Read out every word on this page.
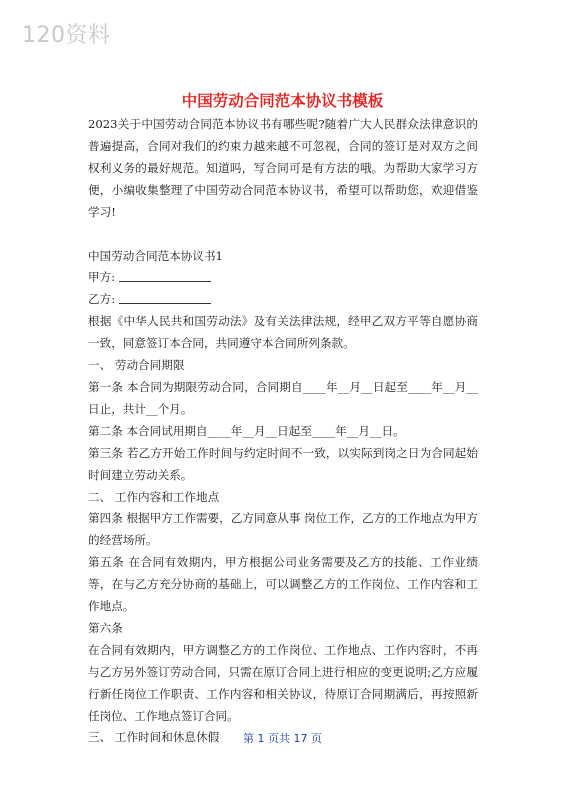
120资料
中国劳动合同范本协议书模板

2023关于中国劳动合同范本协议书有哪些呢?随着广大人民群众法律意识的普遍提高，合同对我们的约束力越来越不可忽视，合同的签订是对双方之间权利义务的最好规范。知道吗，写合同可是有方法的哦。为帮助大家学习方便，小编收集整理了中国劳动合同范本协议书，希望可以帮助您，欢迎借鉴学习!

中国劳动合同范本协议书1

甲方:

乙方:

根据《中华人民共和国劳动法》及有关法律法规，经甲乙双方平等自愿协商一致，同意签订本合同，共同遵守本合同所列条款。

一、 劳动合同期限

第一条 本合同为期限劳动合同，合同期自____年__月__日起至____年__月__日止，共计__个月。

第二条 本合同试用期自____年__月__日起至____年__月__日。

第三条 若乙方开始工作时间与约定时间不一致，以实际到岗之日为合同起始时间建立劳动关系。

二、 工作内容和工作地点

第四条 根据甲方工作需要，乙方同意从事 岗位工作，乙方的工作地点为甲方的经营场所。

第五条 在合同有效期内，甲方根据公司业务需要及乙方的技能、工作业绩等，在与乙方充分协商的基础上，可以调整乙方的工作岗位、工作内容和工作地点。

第六条

在合同有效期内，甲方调整乙方的工作岗位、工作地点、工作内容时，不再与乙方另外签订劳动合同，只需在原订合同上进行相应的变更说明;乙方应履行新任岗位工作职责、工作内容和相关协议，待原订合同期满后，再按照新任岗位、工作地点签订合同。

三、 工作时间和休息休假	第 1 页共 17 页
